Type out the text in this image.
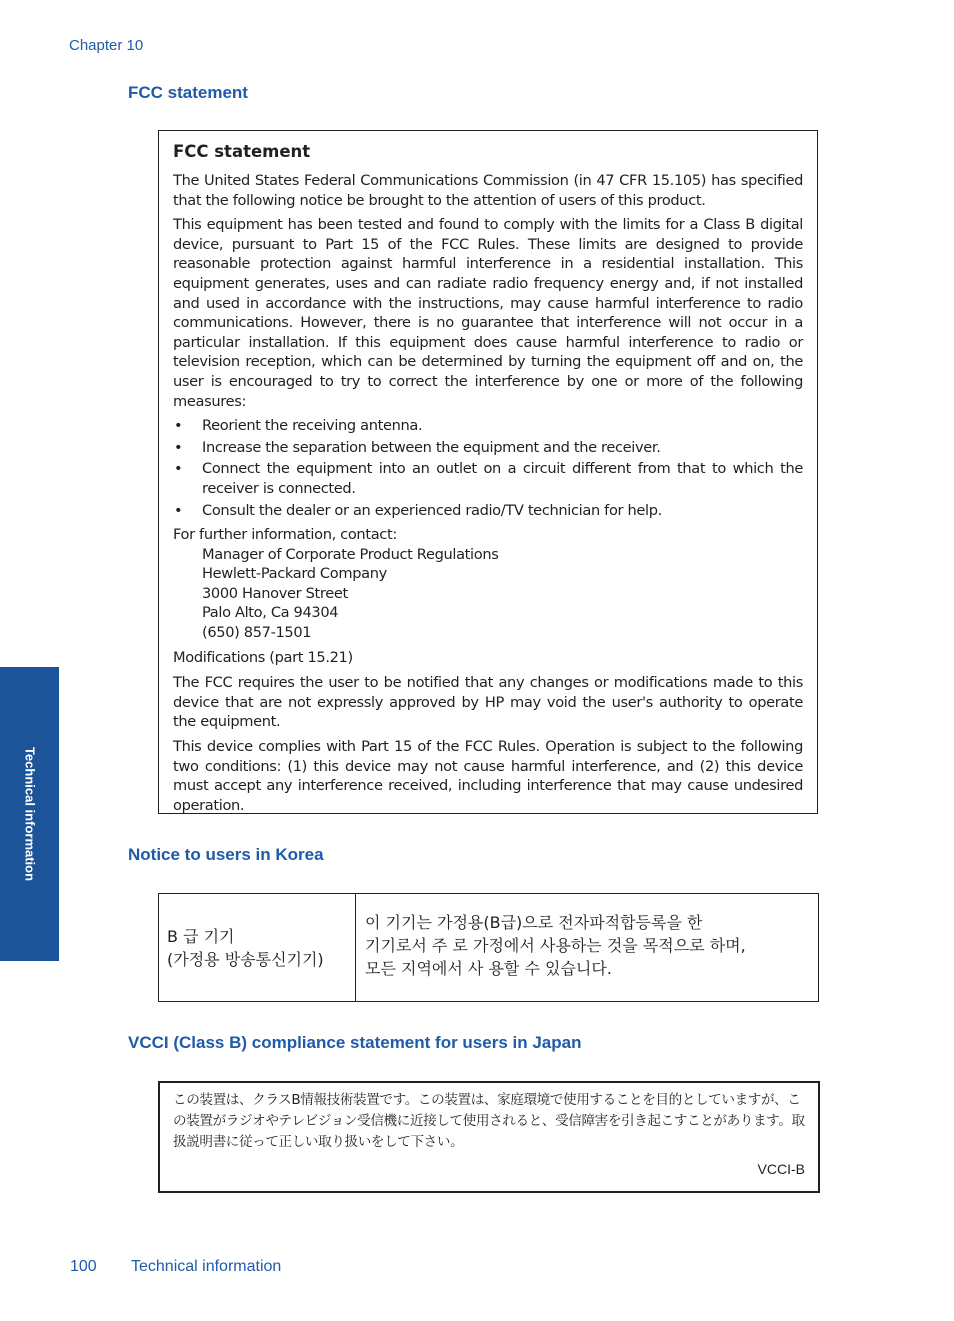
Chapter 10
FCC statement
FCC statement

The United States Federal Communications Commission (in 47 CFR 15.105) has specified that the following notice be brought to the attention of users of this product.

This equipment has been tested and found to comply with the limits for a Class B digital device, pursuant to Part 15 of the FCC Rules. These limits are designed to provide reasonable protection against harmful interference in a residential installation. This equipment generates, uses and can radiate radio frequency energy and, if not installed and used in accordance with the instructions, may cause harmful interference to radio communications. However, there is no guarantee that interference will not occur in a particular installation. If this equipment does cause harmful interference to radio or television reception, which can be determined by turning the equipment off and on, the user is encouraged to try to correct the interference by one or more of the following measures:

• Reorient the receiving antenna.
• Increase the separation between the equipment and the receiver.
• Connect the equipment into an outlet on a circuit different from that to which the receiver is connected.
• Consult the dealer or an experienced radio/TV technician for help.
For further information, contact:
Manager of Corporate Product Regulations
Hewlett-Packard Company
3000 Hanover Street
Palo Alto, Ca 94304
(650) 857-1501

Modifications (part 15.21)

The FCC requires the user to be notified that any changes or modifications made to this device that are not expressly approved by HP may void the user's authority to operate the equipment.

This device complies with Part 15 of the FCC Rules. Operation is subject to the following two conditions: (1) this device may not cause harmful interference, and (2) this device must accept any interference received, including interference that may cause undesired operation.

Notice to users in Korea
B 급 기기
(가정용 방송통신기기)
이 기기는 가정용(B급)으로 전자파적합등록을 한
기기로서 주 로 가정에서 사용하는 것을 목적으로 하며,
모든 지역에서 사 용할 수 있습니다.
VCCI (Class B) compliance statement for users in Japan
この装置は、クラスB情報技術装置です。この装置は、家庭環境で使用することを目的としていますが、この装置がラジオやテレビジョン受信機に近接して使用されると、受信障害を引き起こすことがあります。取扱説明書に従って正しい取り扱いをして下さい。
VCCI-B
Technical information
100 Technical information
